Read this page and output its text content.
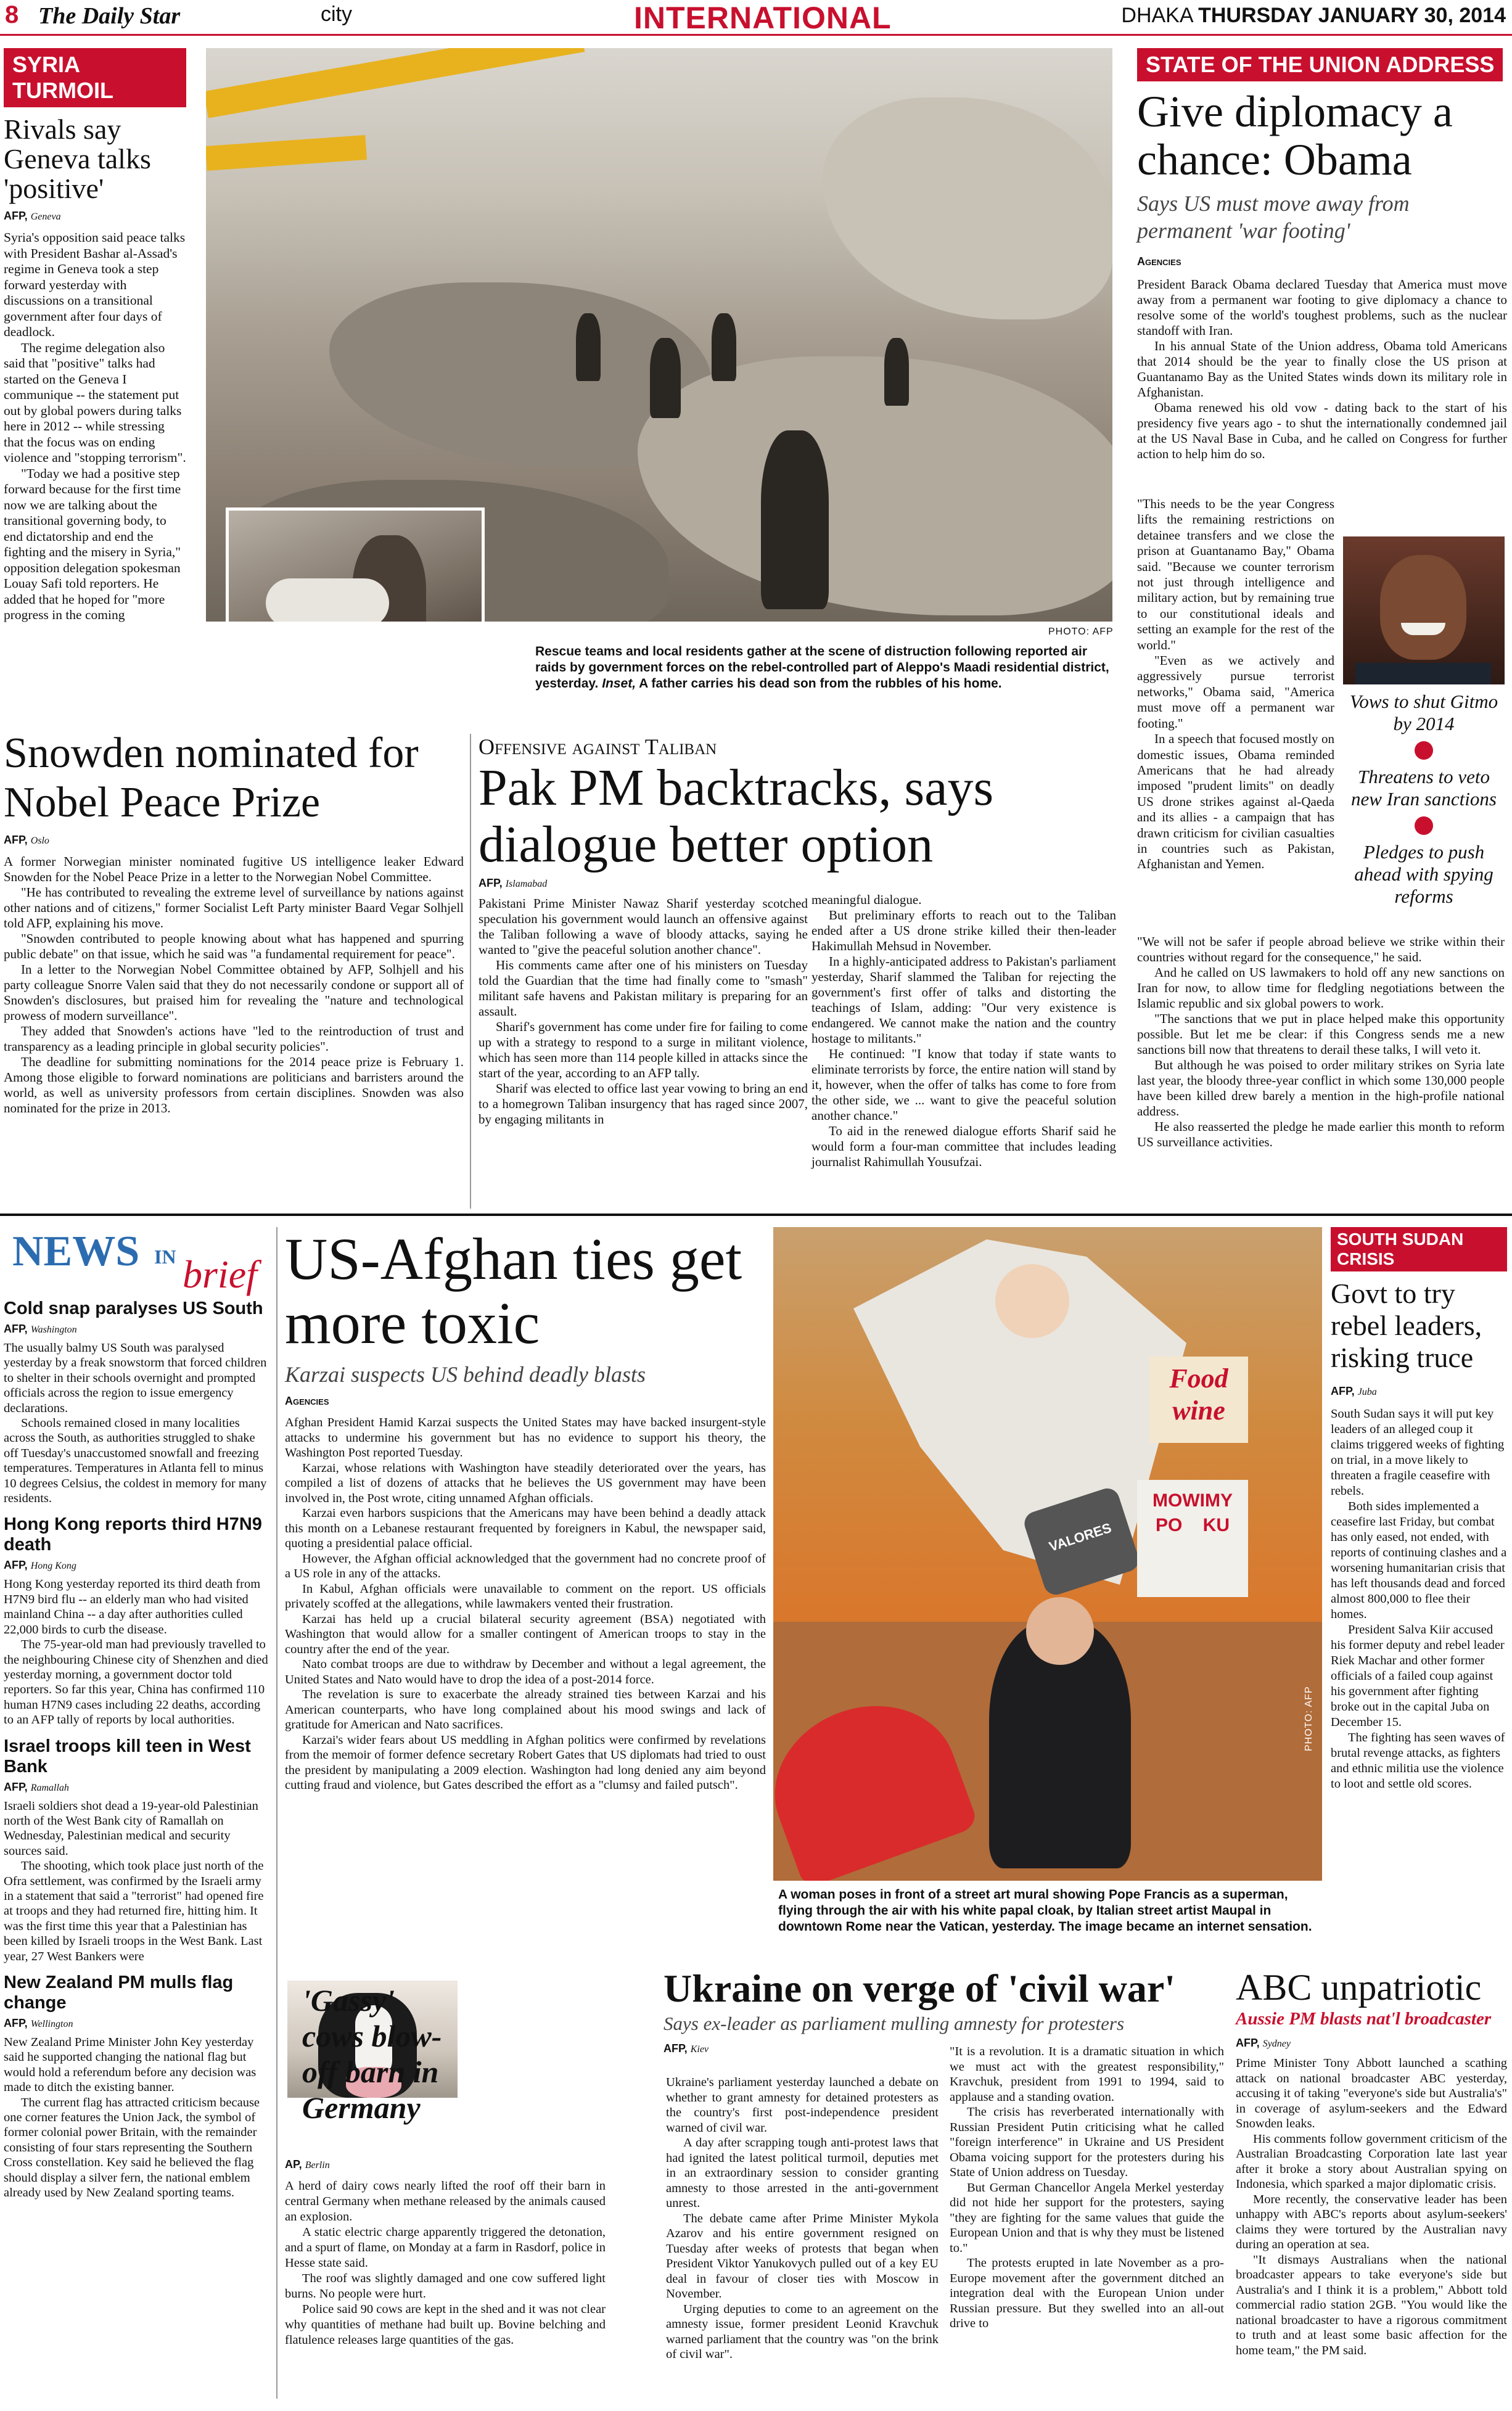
8 The Daily Star	city	INTERNATIONAL	DHAKA THURSDAY JANUARY 30, 2014
SYRIA TURMOIL
Rivals say Geneva talks 'positive'
AFP, Geneva

Syria's opposition said peace talks with President Bashar al-Assad's regime in Geneva took a step forward yesterday with discussions on a transitional government after four days of deadlock.

The regime delegation also said that "positive" talks had started on the Geneva I communique -- the statement put out by global powers during talks here in 2012 -- while stressing that the focus was on ending violence and "stopping terrorism".

"Today we had a positive step forward because for the first time now we are talking about the transitional governing body, to end dictatorship and end the fighting and the misery in Syria," opposition delegation spokesman Louay Safi told reporters. He added that he hoped for "more progress in the coming

PHOTO: AFP
Rescue teams and local residents gather at the scene of distruction following reported air raids by government forces on the rebel-controlled part of Aleppo's Maadi residential district, yesterday. Inset, A father carries his dead son from the rubbles of his home.
STATE OF THE UNION ADDRESS
Give diplomacy a chance: Obama
Says US must move away from permanent 'war footing'
Agencies

President Barack Obama declared Tuesday that America must move away from a permanent war footing to give diplomacy a chance to resolve some of the world's toughest problems, such as the nuclear standoff with Iran.

In his annual State of the Union address, Obama told Americans that 2014 should be the year to finally close the US prison at Guantanamo Bay as the United States winds down its military role in Afghanistan.

Obama renewed his old vow - dating back to the start of his presidency five years ago - to shut the internationally condemned jail at the US Naval Base in Cuba, and he called on Congress for further action to help him do so.

"This needs to be the year Congress lifts the remaining restrictions on detainee transfers and we close the prison at Guantanamo Bay," Obama said. "Because we counter terrorism not just through intelligence and military action, but by remaining true to our constitutional ideals and setting an example for the rest of the world."

"Even as we actively and aggressively pursue terrorist networks," Obama said, "America must move off a permanent war footing."

In a speech that focused mostly on domestic issues, Obama reminded Americans that he had already imposed "prudent limits" on deadly US drone strikes against al-Qaeda and its allies - a campaign that has drawn criticism for civilian casualties in countries such as Pakistan, Afghanistan and Yemen.

Vows to shut Gitmo by 2014
Threatens to veto new Iran sanctions
Pledges to push ahead with spying reforms

"We will not be safer if people abroad believe we strike within their countries without regard for the consequence," he said.

And he called on US lawmakers to hold off any new sanctions on Iran for now, to allow time for fledgling negotiations between the Islamic republic and six global powers to work.

"The sanctions that we put in place helped make this opportunity possible. But let me be clear: if this Congress sends me a new sanctions bill now that threatens to derail these talks, I will veto it.

But although he was poised to order military strikes on Syria late last year, the bloody three-year conflict in which some 130,000 people have been killed drew barely a mention in the high-profile national address.

He also reasserted the pledge he made earlier this month to reform US surveillance activities.

Snowden nominated for Nobel Peace Prize
AFP, Oslo

A former Norwegian minister nominated fugitive US intelligence leaker Edward Snowden for the Nobel Peace Prize in a letter to the Norwegian Nobel Committee.

"He has contributed to revealing the extreme level of surveillance by nations against other nations and of citizens," former Socialist Left Party minister Baard Vegar Solhjell told AFP, explaining his move.

"Snowden contributed to people knowing about what has happened and spurring public debate" on that issue, which he said was "a fundamental requirement for peace".

In a letter to the Norwegian Nobel Committee obtained by AFP, Solhjell and his party colleague Snorre Valen said that they do not necessarily condone or support all of Snowden's disclosures, but praised him for revealing the "nature and technological prowess of modern surveillance".

They added that Snowden's actions have "led to the reintroduction of trust and transparency as a leading principle in global security policies".

The deadline for submitting nominations for the 2014 peace prize is February 1. Among those eligible to forward nominations are politicians and barristers around the world, as well as university professors from certain disciplines. Snowden was also nominated for the prize in 2013.

Offensive against Taliban
Pak PM backtracks, says dialogue better option
AFP, Islamabad

Pakistani Prime Minister Nawaz Sharif yesterday scotched speculation his government would launch an offensive against the Taliban following a wave of bloody attacks, saying he wanted to "give the peaceful solution another chance".

His comments came after one of his ministers on Tuesday told the Guardian that the time had finally come to "smash" militant safe havens and Pakistan military is preparing for an assault.

Sharif's government has come under fire for failing to come up with a strategy to respond to a surge in militant violence, which has seen more than 114 people killed in attacks since the start of the year, according to an AFP tally.

Sharif was elected to office last year vowing to bring an end to a homegrown Taliban insurgency that has raged since 2007, by engaging militants in

meaningful dialogue.

But preliminary efforts to reach out to the Taliban ended after a US drone strike killed their then-leader Hakimullah Mehsud in November.

In a highly-anticipated address to Pakistan's parliament yesterday, Sharif slammed the Taliban for rejecting the government's first offer of talks and distorting the teachings of Islam, adding: "Our very existence is endangered. We cannot make the nation and the country hostage to militants."

He continued: "I know that today if state wants to eliminate terrorists by force, the entire nation will stand by it, however, when the offer of talks has come to fore from the other side, we ... want to give the peaceful solution another chance."

To aid in the renewed dialogue efforts Sharif said he would form a four-man committee that includes leading journalist Rahimullah Yousufzai.

NEWS IN brief
Cold snap paralyses US South
AFP, Washington

The usually balmy US South was paralysed yesterday by a freak snowstorm that forced children to shelter in their schools overnight and prompted officials across the region to issue emergency declarations.

Schools remained closed in many localities across the South, as authorities struggled to shake off Tuesday's unaccustomed snowfall and freezing temperatures. Temperatures in Atlanta fell to minus 10 degrees Celsius, the coldest in memory for many residents.

Hong Kong reports third H7N9 death
AFP, Hong Kong

Hong Kong yesterday reported its third death from H7N9 bird flu -- an elderly man who had visited mainland China -- a day after authorities culled 22,000 birds to curb the disease.

The 75-year-old man had previously travelled to the neighbouring Chinese city of Shenzhen and died yesterday morning, a government doctor told reporters. So far this year, China has confirmed 110 human H7N9 cases including 22 deaths, according to an AFP tally of reports by local authorities.

Israel troops kill teen in West Bank
AFP, Ramallah

Israeli soldiers shot dead a 19-year-old Palestinian north of the West Bank city of Ramallah on Wednesday, Palestinian medical and security sources said.

The shooting, which took place just north of the Ofra settlement, was confirmed by the Israeli army in a statement that said a "terrorist" had opened fire at troops and they had returned fire, hitting him. It was the first time this year that a Palestinian has been killed by Israeli troops in the West Bank. Last year, 27 West Bankers were

New Zealand PM mulls flag change
AFP, Wellington

New Zealand Prime Minister John Key yesterday said he supported changing the national flag but would hold a referendum before any decision was made to ditch the existing banner.

The current flag has attracted criticism because one corner features the Union Jack, the symbol of former colonial power Britain, with the remainder consisting of four stars representing the Southern Cross constellation. Key said he believed the flag should display a silver fern, the national emblem already used by New Zealand sporting teams.

US-Afghan ties get more toxic
Karzai suspects US behind deadly blasts
Agencies

Afghan President Hamid Karzai suspects the United States may have backed insurgent-style attacks to undermine his government but has no evidence to support his theory, the Washington Post reported Tuesday.

Karzai, whose relations with Washington have steadily deteriorated over the years, has compiled a list of dozens of attacks that he believes the US government may have been involved in, the Post wrote, citing unnamed Afghan officials.

Karzai even harbors suspicions that the Americans may have been behind a deadly attack this month on a Lebanese restaurant frequented by foreigners in Kabul, the newspaper said, quoting a presidential palace official.

However, the Afghan official acknowledged that the government had no concrete proof of a US role in any of the attacks.

In Kabul, Afghan officials were unavailable to comment on the report. US officials privately scoffed at the allegations, while lawmakers vented their frustration.

Karzai has held up a crucial bilateral security agreement (BSA) negotiated with Washington that would allow for a smaller contingent of American troops to stay in the country after the end of the year.

Nato combat troops are due to withdraw by December and without a legal agreement, the United States and Nato would have to drop the idea of a post-2014 force.

The revelation is sure to exacerbate the already strained ties between Karzai and his American counterparts, who have long complained about his mood swings and lack of gratitude for American and Nato sacrifices.

Karzai's wider fears about US meddling in Afghan politics were confirmed by revelations from the memoir of former defence secretary Robert Gates that US diplomats had tried to oust the president by manipulating a 2009 election. Washington had long denied any aim beyond cutting fraud and violence, but Gates described the effort as a "clumsy and failed putsch".

VALORES
Food
wine
MOWIMY
PO KU
PHOTO: AFP
A woman poses in front of a street art mural showing Pope Francis as a superman, flying through the air with his white papal cloak, by Italian street artist Maupal in downtown Rome near the Vatican, yesterday. The image became an internet sensation.
SOUTH SUDAN CRISIS
Govt to try rebel leaders, risking truce
AFP, Juba

South Sudan says it will put key leaders of an alleged coup it claims triggered weeks of fighting on trial, in a move likely to threaten a fragile ceasefire with rebels.

Both sides implemented a ceasefire last Friday, but combat has only eased, not ended, with reports of continuing clashes and a worsening humanitarian crisis that has left thousands dead and forced almost 800,000 to flee their homes.

President Salva Kiir accused his former deputy and rebel leader Riek Machar and other former officials of a failed coup against his government after fighting broke out in the capital Juba on December 15.

The fighting has seen waves of brutal revenge attacks, as fighters and ethnic militia use the violence to loot and settle old scores.

'Gassy' cows blow-off barn in Germany
AP, Berlin

A herd of dairy cows nearly lifted the roof off their barn in central Germany when methane released by the animals caused an explosion.

A static electric charge apparently triggered the detonation, and a spurt of flame, on Monday at a farm in Rasdorf, police in Hesse state said.

The roof was slightly damaged and one cow suffered light burns. No people were hurt.

Police said 90 cows are kept in the shed and it was not clear why quantities of methane had built up. Bovine belching and flatulence releases large quantities of the gas.

Ukraine on verge of 'civil war'
Says ex-leader as parliament mulling amnesty for protesters
AFP, Kiev

Ukraine's parliament yesterday launched a debate on whether to grant amnesty for detained protesters as the country's first post-independence president warned of civil war.

A day after scrapping tough anti-protest laws that had ignited the latest political turmoil, deputies met in an extraordinary session to consider granting amnesty to those arrested in the anti-government unrest.

The debate came after Prime Minister Mykola Azarov and his entire government resigned on Tuesday after weeks of protests that began when President Viktor Yanukovych pulled out of a key EU deal in favour of closer ties with Moscow in November.

Urging deputies to come to an agreement on the amnesty issue, former president Leonid Kravchuk warned parliament that the country was "on the brink of civil war".

"It is a revolution. It is a dramatic situation in which we must act with the greatest responsibility," Kravchuk, president from 1991 to 1994, said to applause and a standing ovation.

The crisis has reverberated internationally with Russian President Putin criticising what he called "foreign interference" in Ukraine and US President Obama voicing support for the protesters during his State of Union address on Tuesday.

But German Chancellor Angela Merkel yesterday did not hide her support for the protesters, saying "they are fighting for the same values that guide the European Union and that is why they must be listened to."

The protests erupted in late November as a pro-Europe movement after the government ditched an integration deal with the European Union under Russian pressure. But they swelled into an all-out drive to

ABC unpatriotic
Aussie PM blasts nat'l broadcaster
AFP, Sydney

Prime Minister Tony Abbott launched a scathing attack on national broadcaster ABC yesterday, accusing it of taking "everyone's side but Australia's" in coverage of asylum-seekers and the Edward Snowden leaks.

His comments follow government criticism of the Australian Broadcasting Corporation late last year after it broke a story about Australian spying on Indonesia, which sparked a major diplomatic crisis.

More recently, the conservative leader has been unhappy with ABC's reports about asylum-seekers' claims they were tortured by the Australian navy during an operation at sea.

"It dismays Australians when the national broadcaster appears to take everyone's side but Australia's and I think it is a problem," Abbott told commercial radio station 2GB. "You would like the national broadcaster to have a rigorous commitment to truth and at least some basic affection for the home team," the PM said.
